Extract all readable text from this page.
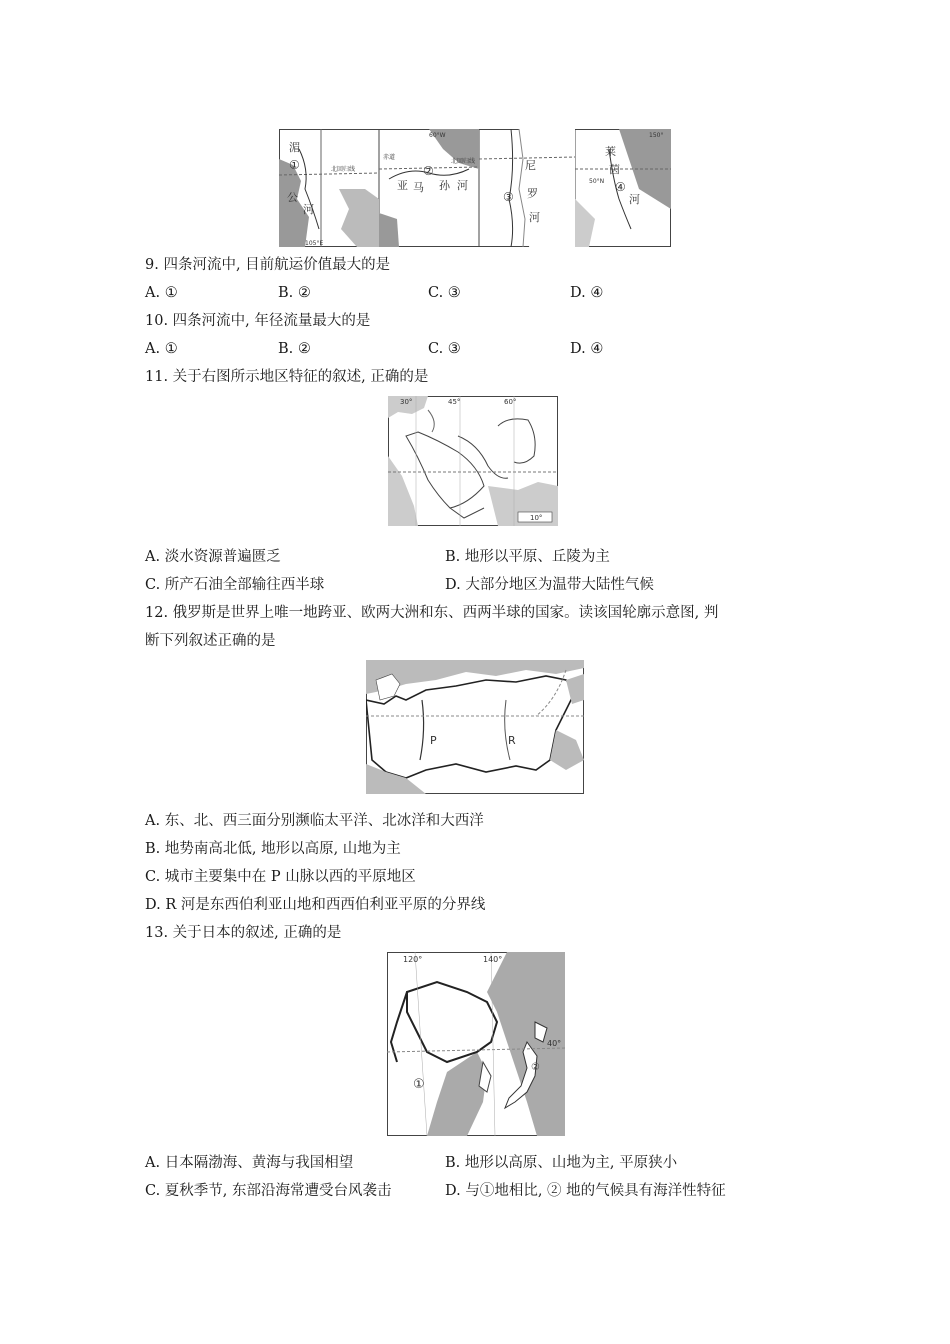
湄
①
公
河
北回归线
105°E
赤道
60°W
北回归线
②
亚 马 孙 河
尼
③ 罗
河
150°
莱
茵
④
河
50°N
9. 四条河流中, 目前航运价值最大的是
A. ①	B. ②	C. ③	D. ④
10. 四条河流中, 年径流量最大的是
A. ①	B. ②	C. ③	D. ④
11. 关于右图所示地区特征的叙述, 正确的是
30°	45°	60°
10°
A. 淡水资源普遍匮乏	B. 地形以平原、丘陵为主
C. 所产石油全部输往西半球	D. 大部分地区为温带大陆性气候
12. 俄罗斯是世界上唯一地跨亚、欧两大洲和东、西两半球的国家。读该国轮廓示意图, 判
断下列叙述正确的是
P	R
A. 东、北、西三面分别濒临太平洋、北冰洋和大西洋
B. 地势南高北低, 地形以高原, 山地为主
C. 城市主要集中在 P 山脉以西的平原地区
D. R 河是东西伯利亚山地和西西伯利亚平原的分界线
13. 关于日本的叙述, 正确的是
120°	140°
40°
①
②
A. 日本隔渤海、黄海与我国相望	B. 地形以高原、山地为主, 平原狭小
C. 夏秋季节, 东部沿海常遭受台风袭击	D. 与①地相比, ② 地的气候具有海洋性特征
